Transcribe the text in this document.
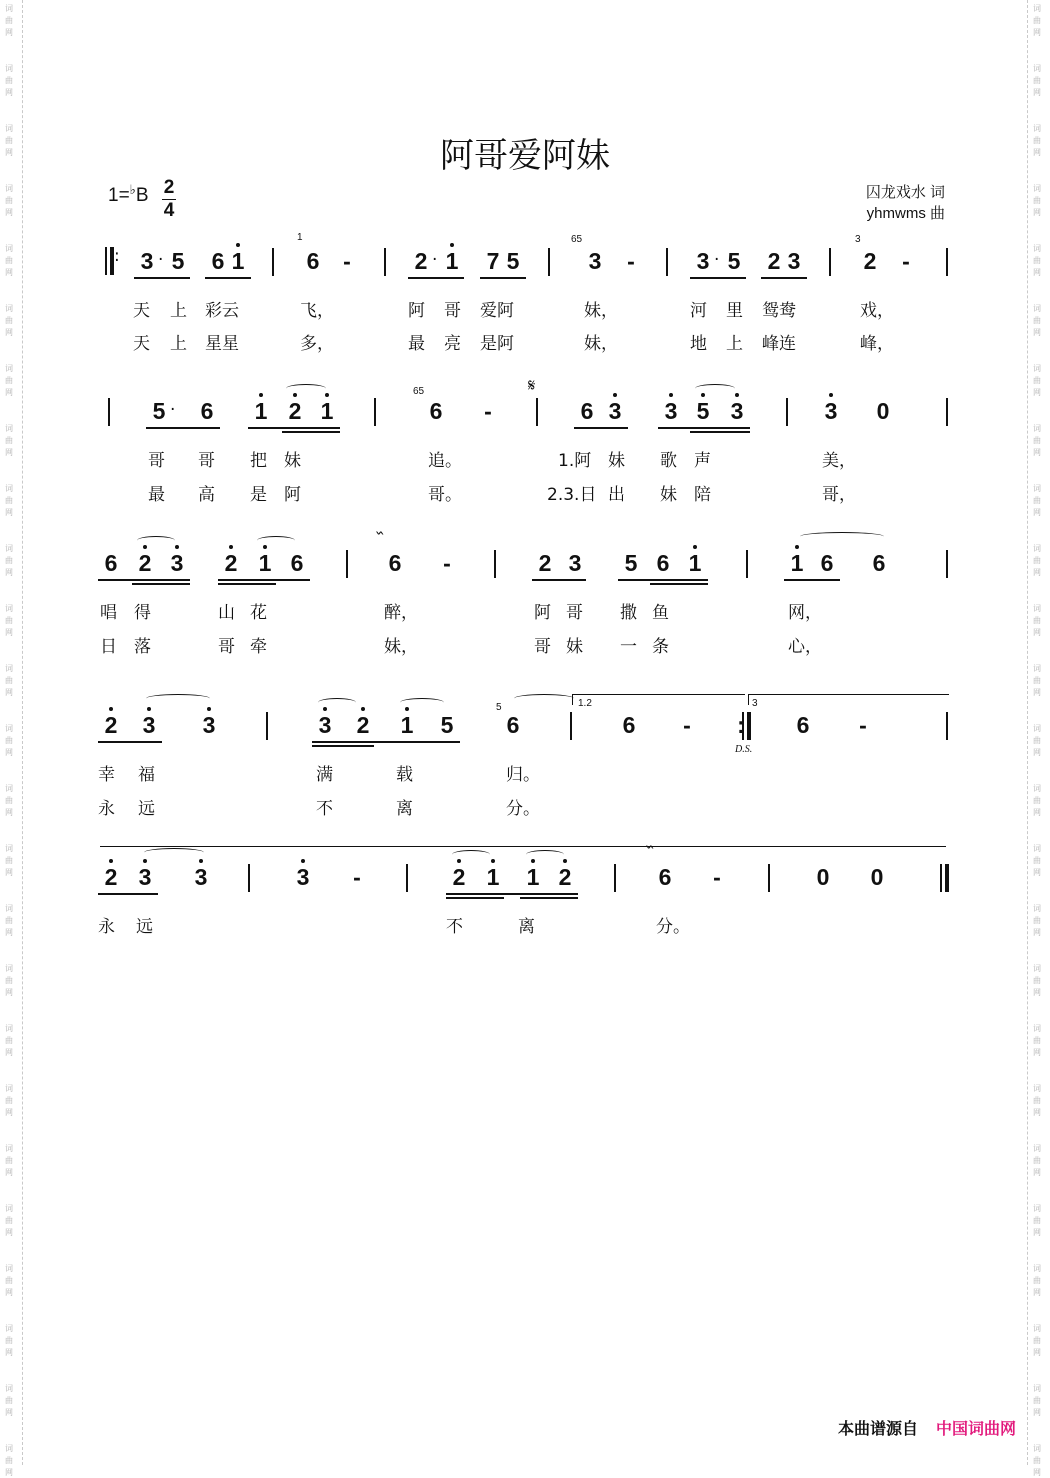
词
曲
网
词
曲
网
词
曲
网
词
曲
网
词
曲
网
词
曲
网
词
曲
网
词
曲
网
词
曲
网
词
曲
网
词
曲
网
词
曲
网
词
曲
网
词
曲
网
词
曲
网
词
曲
网
词
曲
网
词
曲
网
词
曲
网
词
曲
网
词
曲
网
词
曲
网
词
曲
网
词
曲
网
词
曲
网
词
曲
网
词
曲
网
词
曲
网
词
曲
网
词
曲
网
词
曲
网
词
曲
网
词
曲
网
词
曲
网
词
曲
网
词
曲
网
词
曲
网
词
曲
网
词
曲
网
词
曲
网
词
曲
网
词
曲
网
词
曲
网
词
曲
网
词
曲
网
词
曲
网
词
曲
网
词
曲
网
词
曲
网
词
曲
网
阿哥爱阿妹
1=♭B 2
4
囚龙戏水 词
yhmwms 曲
: 3 · 5 6 1
1
6	-	2 · 1 7 5
65
3	-	3 · 5 2 3
3
2	-
天 上 彩云	飞，	阿 哥 爱阿	妹，	河 里 鸳鸯	戏，
天 上 星星	多，	最 亮 是阿	妹，	地 上 峰连	峰，
5 · 6 1 2 1
65
6	-
𝄋
6 3 3 5 3	3 0
哥 哥 把 妹	追。	1.阿 妹 歌 声	美，
最 高 是 阿	哥。	2.3.日 出 妹 陪	哥，
6 2 3 2 1 6	6	-	2 3 5 6 1	1 6 6
唱 得	山 花	醉，	阿 哥 撒 鱼	网，
日 落	哥 牵	妹，	哥 妹 一 条	心，
2 3 3	3 2 1 5
5
6
1.2
6	-	:
D.S.
3
6	-
幸 福	满	载	归。
永 远	不	离	分。
2 3 3	3	-	2 1 1 2	6	-	0 0
永 远	不	离	分。
本曲谱源自 中国词曲网
